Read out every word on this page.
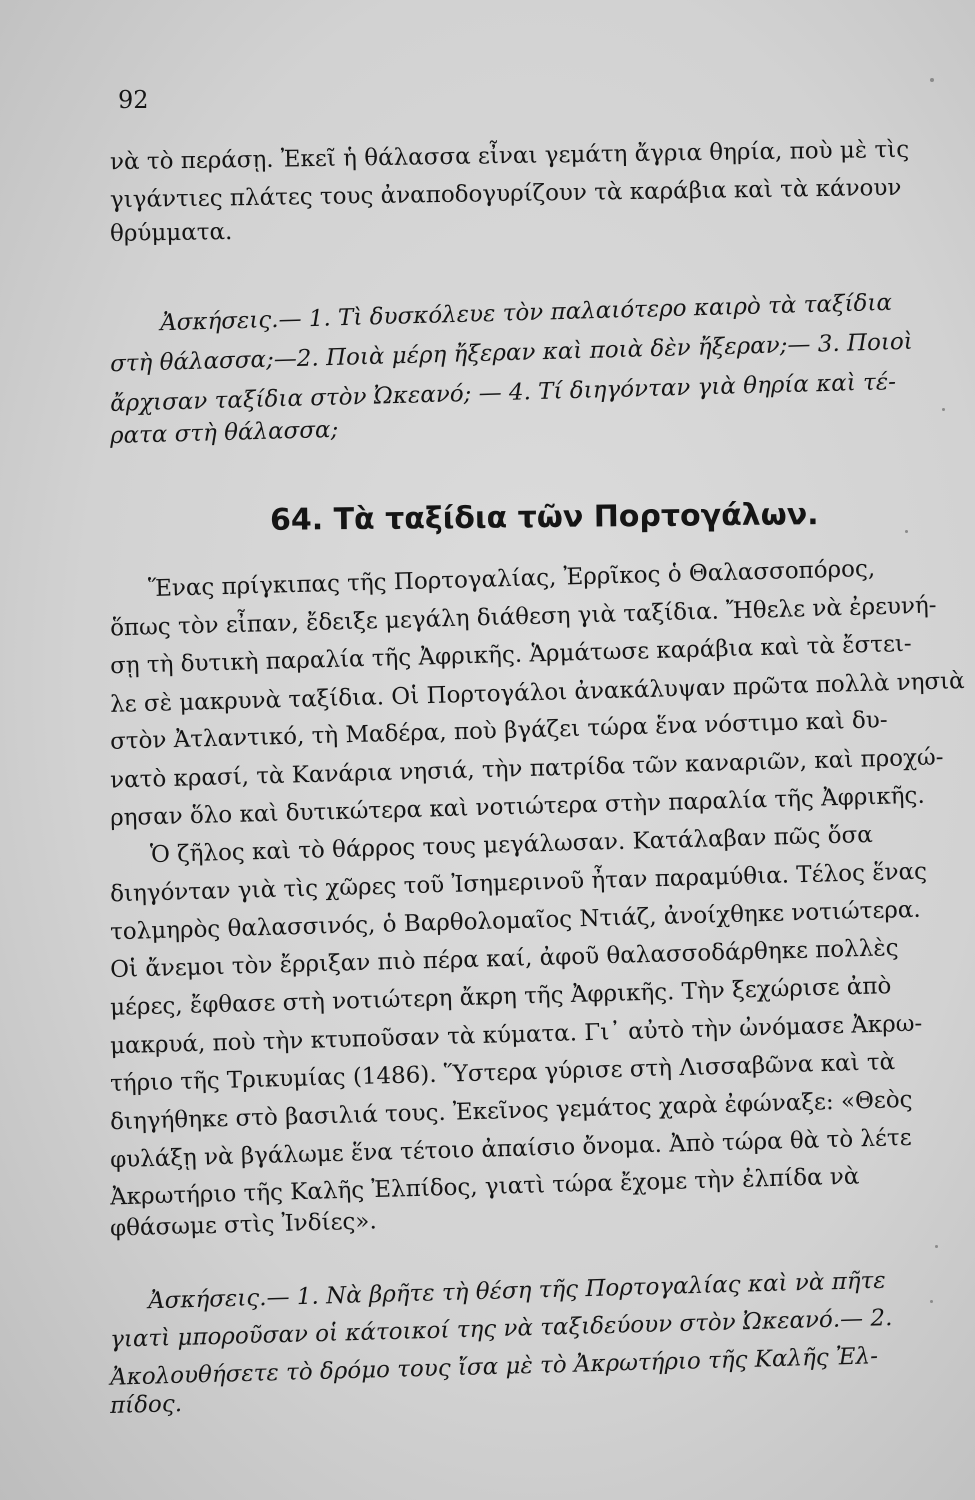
92
νὰ τὸ περάσῃ. Ἐκεῖ ἡ θάλασσα εἶναι γεμάτη ἄγρια θηρία, ποὺ μὲ τὶς
γιγάντιες πλάτες τους ἀναποδογυρίζουν τὰ καράβια καὶ τὰ κάνουν
θρύμματα.
Ἀσκήσεις.— 1. Τὶ δυσκόλευε τὸν παλαιότερο καιρὸ τὰ ταξίδια
στὴ θάλασσα;—2. Ποιὰ μέρη ἤξεραν καὶ ποιὰ δὲν ἤξεραν;— 3. Ποιοὶ
ἄρχισαν ταξίδια στὸν Ὠκεανό; — 4. Τί διηγόνταν γιὰ θηρία καὶ τέ-
ρατα στὴ θάλασσα;
64. Τὰ ταξίδια τῶν Πορτογάλων.
Ἕνας πρίγκιπας τῆς Πορτογαλίας, Ἐρρῖκος ὁ Θαλασσοπόρος,
ὅπως τὸν εἶπαν, ἔδειξε μεγάλη διάθεση γιὰ ταξίδια. Ἤθελε νὰ ἐρευνή-
σῃ τὴ δυτικὴ παραλία τῆς Ἀφρικῆς. Ἁρμάτωσε καράβια καὶ τὰ ἔστει-
λε σὲ μακρυνὰ ταξίδια. Οἱ Πορτογάλοι ἀνακάλυψαν πρῶτα πολλὰ νησιὰ
στὸν Ἀτλαντικό, τὴ Μαδέρα, ποὺ βγάζει τώρα ἕνα νόστιμο καὶ δυ-
νατὸ κρασί, τὰ Κανάρια νησιά, τὴν πατρίδα τῶν καναριῶν, καὶ προχώ-
ρησαν ὅλο καὶ δυτικώτερα καὶ νοτιώτερα στὴν παραλία τῆς Ἀφρικῆς.
Ὁ ζῆλος καὶ τὸ θάρρος τους μεγάλωσαν. Κατάλαβαν πῶς ὅσα
διηγόνταν γιὰ τὶς χῶρες τοῦ Ἰσημερινοῦ ἦταν παραμύθια. Τέλος ἕνας
τολμηρὸς θαλασσινός, ὁ Βαρθολομαῖος Ντιάζ, ἀνοίχθηκε νοτιώτερα.
Οἱ ἄνεμοι τὸν ἔρριξαν πιὸ πέρα καί, ἀφοῦ θαλασσοδάρθηκε πολλὲς
μέρες, ἔφθασε στὴ νοτιώτερη ἄκρη τῆς Ἀφρικῆς. Τὴν ξεχώρισε ἀπὸ
μακρυά, ποὺ τὴν κτυποῦσαν τὰ κύματα. Γι᾿ αὐτὸ τὴν ὠνόμασε Ἀκρω-
τήριο τῆς Τρικυμίας (1486). Ὕστερα γύρισε στὴ Λισσαβῶνα καὶ τὰ
διηγήθηκε στὸ βασιλιά τους. Ἐκεῖνος γεμάτος χαρὰ ἐφώναξε: «Θεὸς
φυλάξῃ νὰ βγάλωμε ἕνα τέτοιο ἀπαίσιο ὄνομα. Ἀπὸ τώρα θὰ τὸ λέτε
Ἀκρωτήριο τῆς Καλῆς Ἐλπίδος, γιατὶ τώρα ἔχομε τὴν ἐλπίδα νὰ
φθάσωμε στὶς Ἰνδίες».
Ἀσκήσεις.— 1. Νὰ βρῆτε τὴ θέση τῆς Πορτογαλίας καὶ νὰ πῆτε
γιατὶ μποροῦσαν οἱ κάτοικοί της νὰ ταξιδεύουν στὸν Ὠκεανό.— 2.
Ἀκολουθήσετε τὸ δρόμο τους ἴσα μὲ τὸ Ἀκρωτήριο τῆς Καλῆς Ἐλ-
πίδος.
